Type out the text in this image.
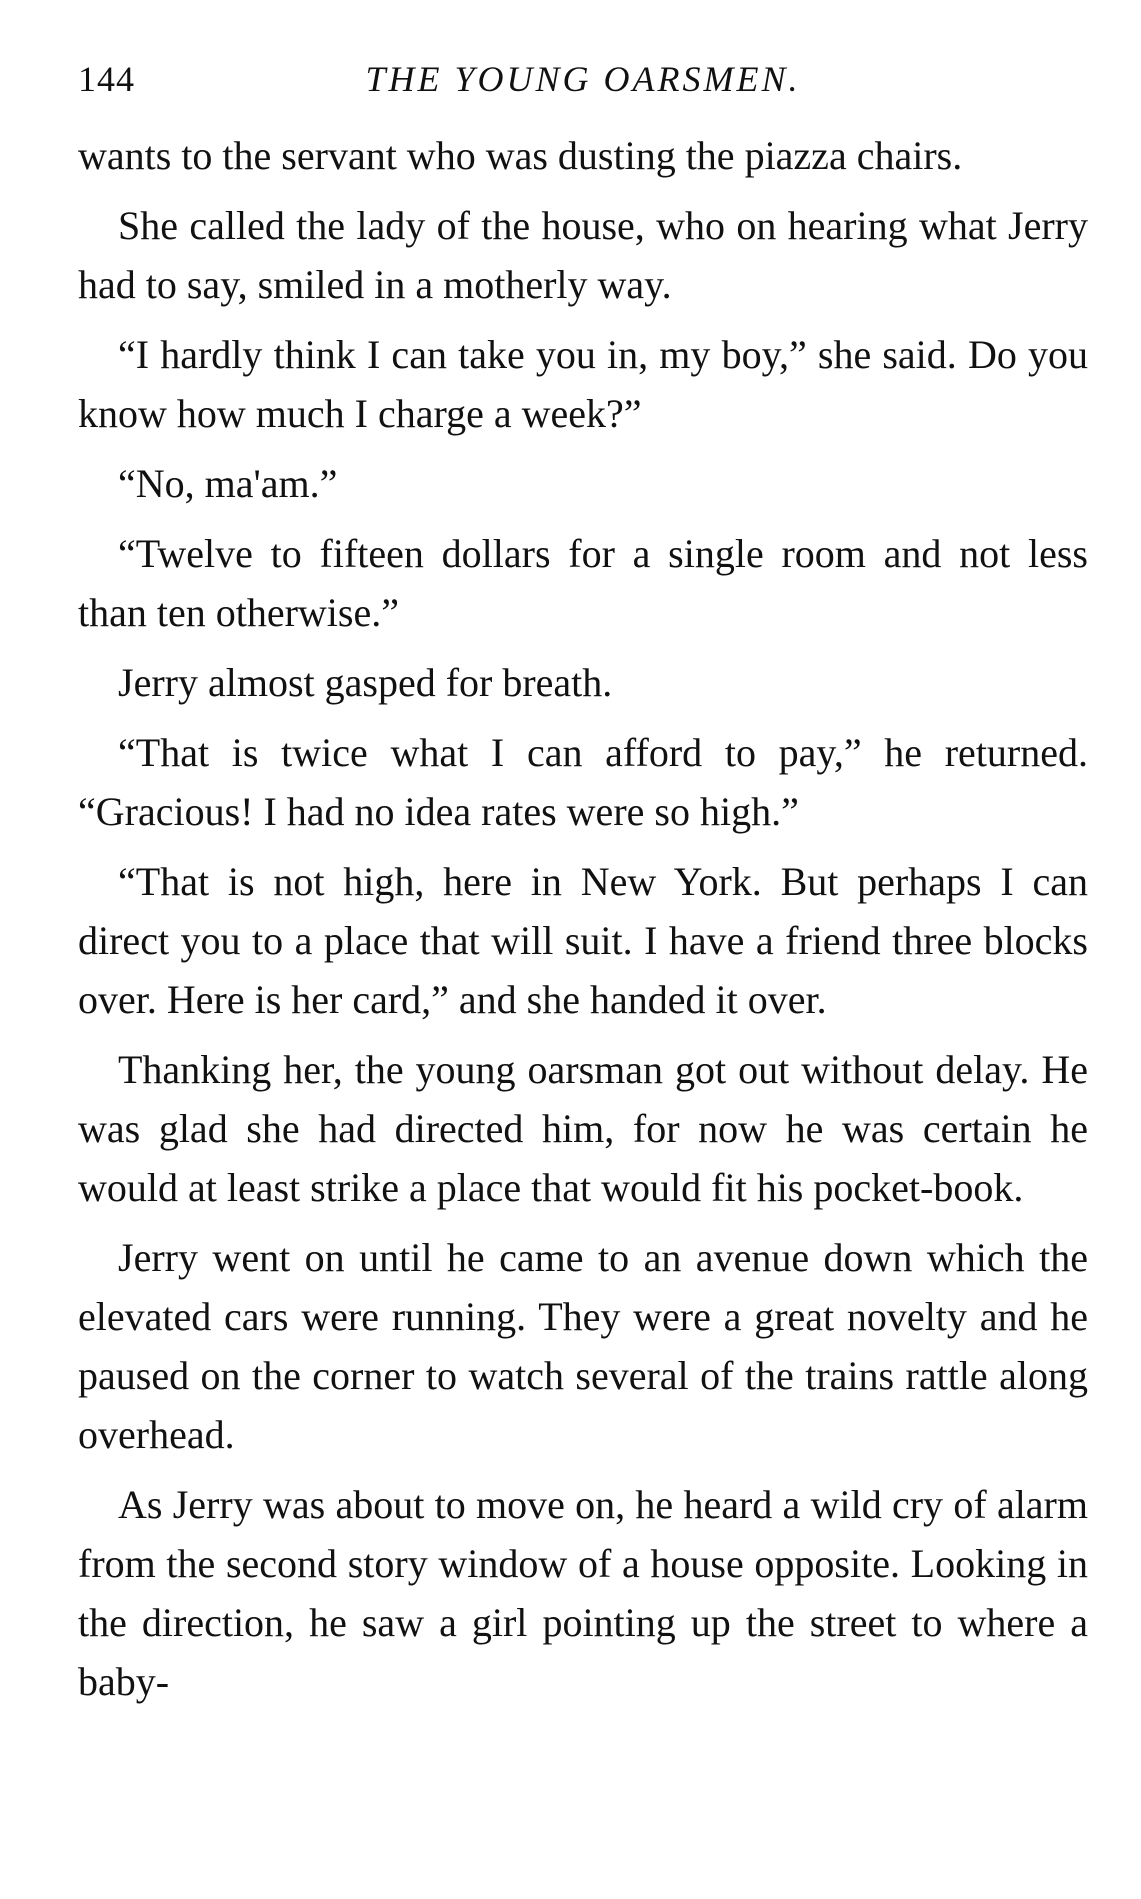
144	THE YOUNG OARSMEN.

wants to the servant who was dusting the piazza chairs.

She called the lady of the house, who on hearing what Jerry had to say, smiled in a motherly way.

“I hardly think I can take you in, my boy,” she said. Do you know how much I charge a week?”

“No, ma'am.”

“Twelve to fifteen dollars for a single room and not less than ten otherwise.”

Jerry almost gasped for breath.

“That is twice what I can afford to pay,” he returned. “Gracious! I had no idea rates were so high.”

“That is not high, here in New York. But perhaps I can direct you to a place that will suit. I have a friend three blocks over. Here is her card,” and she handed it over.

Thanking her, the young oarsman got out without delay. He was glad she had directed him, for now he was certain he would at least strike a place that would fit his pocket-book.

Jerry went on until he came to an avenue down which the elevated cars were running. They were a great novelty and he paused on the corner to watch several of the trains rattle along overhead.

As Jerry was about to move on, he heard a wild cry of alarm from the second story window of a house opposite. Looking in the direction, he saw a girl pointing up the street to where a baby-
